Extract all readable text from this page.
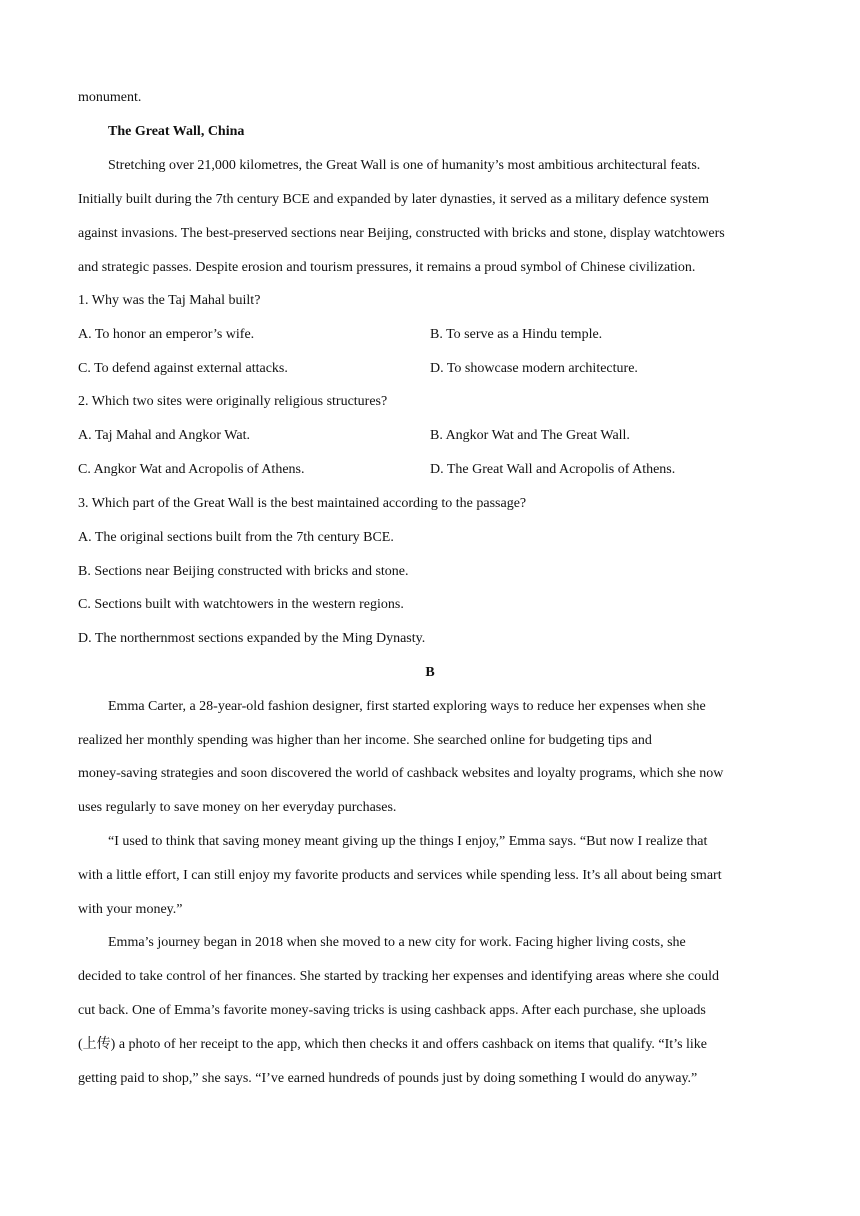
monument.
The Great Wall, China
Stretching over 21,000 kilometres, the Great Wall is one of humanity’s most ambitious architectural feats.
Initially built during the 7th century BCE and expanded by later dynasties, it served as a military defence system
against invasions. The best-preserved sections near Beijing, constructed with bricks and stone, display watchtowers
and strategic passes. Despite erosion and tourism pressures, it remains a proud symbol of Chinese civilization.
1. Why was the Taj Mahal built?
A. To honor an emperor’s wife.	B. To serve as a Hindu temple.
C. To defend against external attacks.	D. To showcase modern architecture.
2. Which two sites were originally religious structures?
A. Taj Mahal and Angkor Wat.	B. Angkor Wat and The Great Wall.
C. Angkor Wat and Acropolis of Athens.	D. The Great Wall and Acropolis of Athens.
3. Which part of the Great Wall is the best maintained according to the passage?
A. The original sections built from the 7th century BCE.
B. Sections near Beijing constructed with bricks and stone.
C. Sections built with watchtowers in the western regions.
D. The northernmost sections expanded by the Ming Dynasty.
B
Emma Carter, a 28-year-old fashion designer, first started exploring ways to reduce her expenses when she
realized her monthly spending was higher than her income. She searched online for budgeting tips and
money-saving strategies and soon discovered the world of cashback websites and loyalty programs, which she now
uses regularly to save money on her everyday purchases.
“I used to think that saving money meant giving up the things I enjoy,” Emma says. “But now I realize that
with a little effort, I can still enjoy my favorite products and services while spending less. It’s all about being smart
with your money.”
Emma’s journey began in 2018 when she moved to a new city for work. Facing higher living costs, she
decided to take control of her finances. She started by tracking her expenses and identifying areas where she could
cut back. One of Emma’s favorite money-saving tricks is using cashback apps. After each purchase, she uploads
(上传) a photo of her receipt to the app, which then checks it and offers cashback on items that qualify. “It’s like
getting paid to shop,” she says. “I’ve earned hundreds of pounds just by doing something I would do anyway.”
